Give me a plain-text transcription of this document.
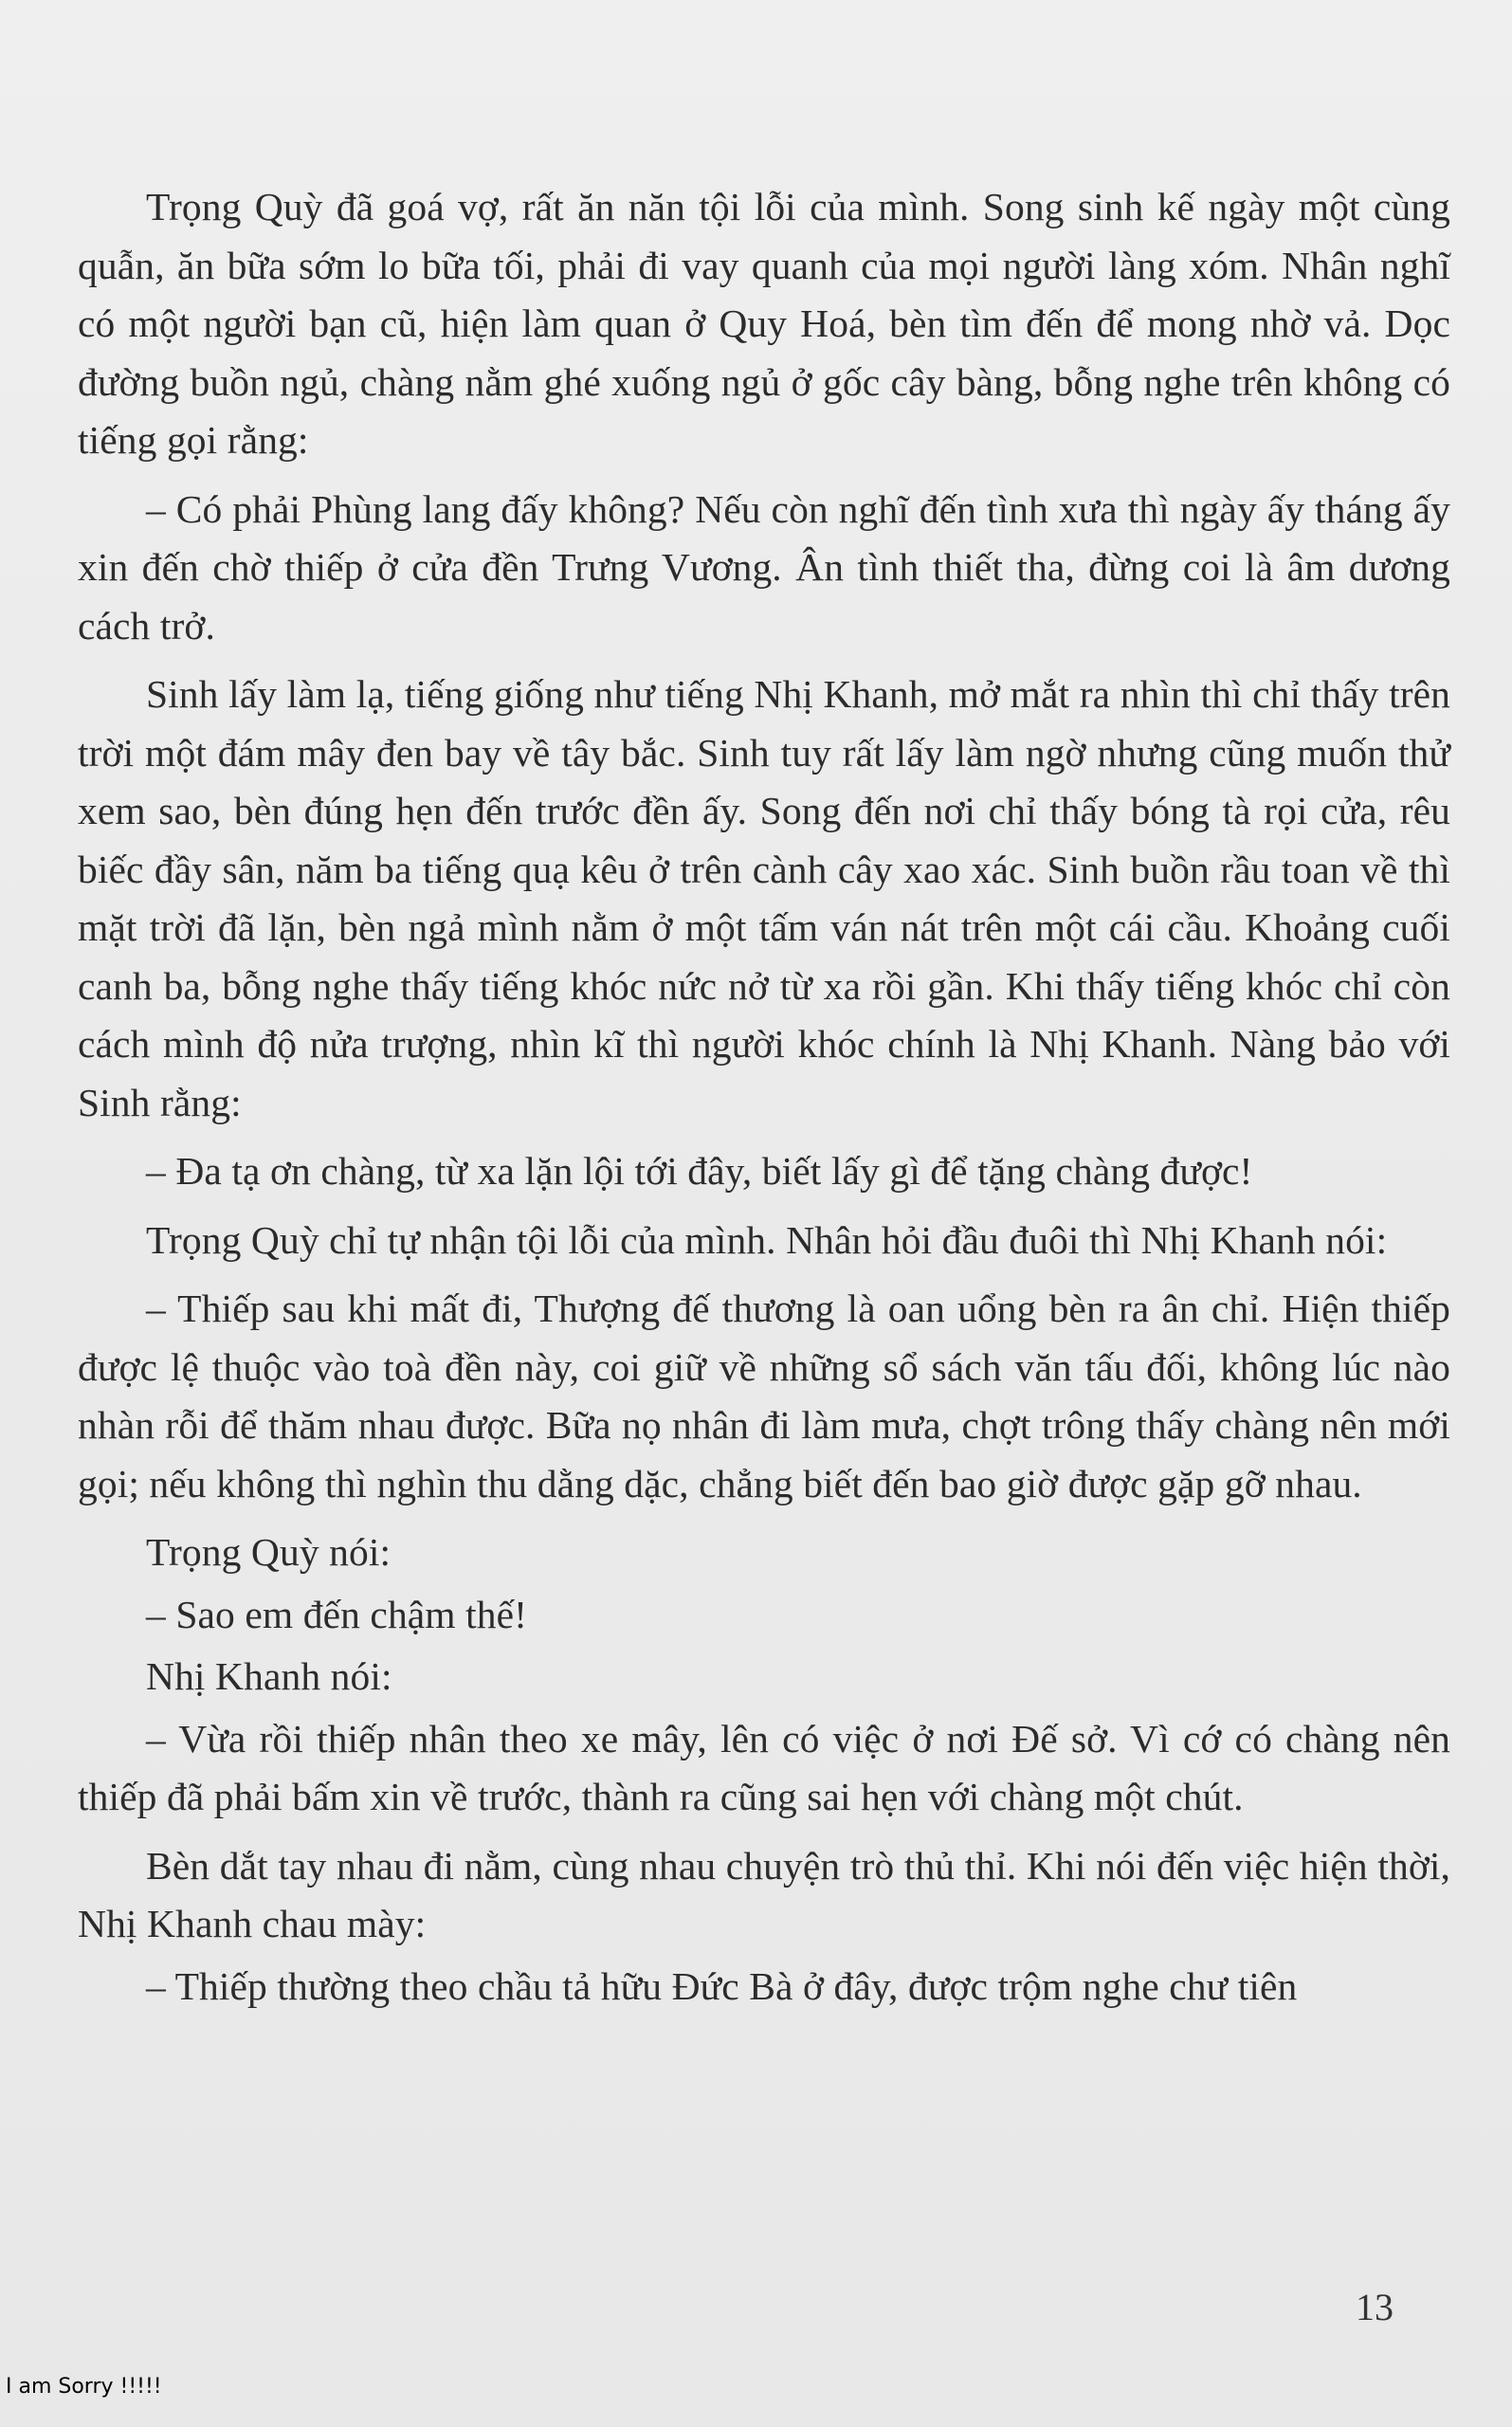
Trọng Quỳ đã goá vợ, rất ăn năn tội lỗi của mình. Song sinh kế ngày một cùng quẫn, ăn bữa sớm lo bữa tối, phải đi vay quanh của mọi người làng xóm. Nhân nghĩ có một người bạn cũ, hiện làm quan ở Quy Hoá, bèn tìm đến để mong nhờ vả. Dọc đường buồn ngủ, chàng nằm ghé xuống ngủ ở gốc cây bàng, bỗng nghe trên không có tiếng gọi rằng:

– Có phải Phùng lang đấy không? Nếu còn nghĩ đến tình xưa thì ngày ấy tháng ấy xin đến chờ thiếp ở cửa đền Trưng Vương. Ân tình thiết tha, đừng coi là âm dương cách trở.

Sinh lấy làm lạ, tiếng giống như tiếng Nhị Khanh, mở mắt ra nhìn thì chỉ thấy trên trời một đám mây đen bay về tây bắc. Sinh tuy rất lấy làm ngờ nhưng cũng muốn thử xem sao, bèn đúng hẹn đến trước đền ấy. Song đến nơi chỉ thấy bóng tà rọi cửa, rêu biếc đầy sân, năm ba tiếng quạ kêu ở trên cành cây xao xác. Sinh buồn rầu toan về thì mặt trời đã lặn, bèn ngả mình nằm ở một tấm ván nát trên một cái cầu. Khoảng cuối canh ba, bỗng nghe thấy tiếng khóc nức nở từ xa rồi gần. Khi thấy tiếng khóc chỉ còn cách mình độ nửa trượng, nhìn kĩ thì người khóc chính là Nhị Khanh. Nàng bảo với Sinh rằng:

– Đa tạ ơn chàng, từ xa lặn lội tới đây, biết lấy gì để tặng chàng được!

Trọng Quỳ chỉ tự nhận tội lỗi của mình. Nhân hỏi đầu đuôi thì Nhị Khanh nói:

– Thiếp sau khi mất đi, Thượng đế thương là oan uổng bèn ra ân chỉ. Hiện thiếp được lệ thuộc vào toà đền này, coi giữ về những sổ sách văn tấu đối, không lúc nào nhàn rỗi để thăm nhau được. Bữa nọ nhân đi làm mưa, chợt trông thấy chàng nên mới gọi; nếu không thì nghìn thu dằng dặc, chẳng biết đến bao giờ được gặp gỡ nhau.

Trọng Quỳ nói:

– Sao em đến chậm thế!

Nhị Khanh nói:

– Vừa rồi thiếp nhân theo xe mây, lên có việc ở nơi Đế sở. Vì cớ có chàng nên thiếp đã phải bấm xin về trước, thành ra cũng sai hẹn với chàng một chút.

Bèn dắt tay nhau đi nằm, cùng nhau chuyện trò thủ thỉ. Khi nói đến việc hiện thời, Nhị Khanh chau mày:

– Thiếp thường theo chầu tả hữu Đức Bà ở đây, được trộm nghe chư tiên

13
I am Sorry !!!!!
